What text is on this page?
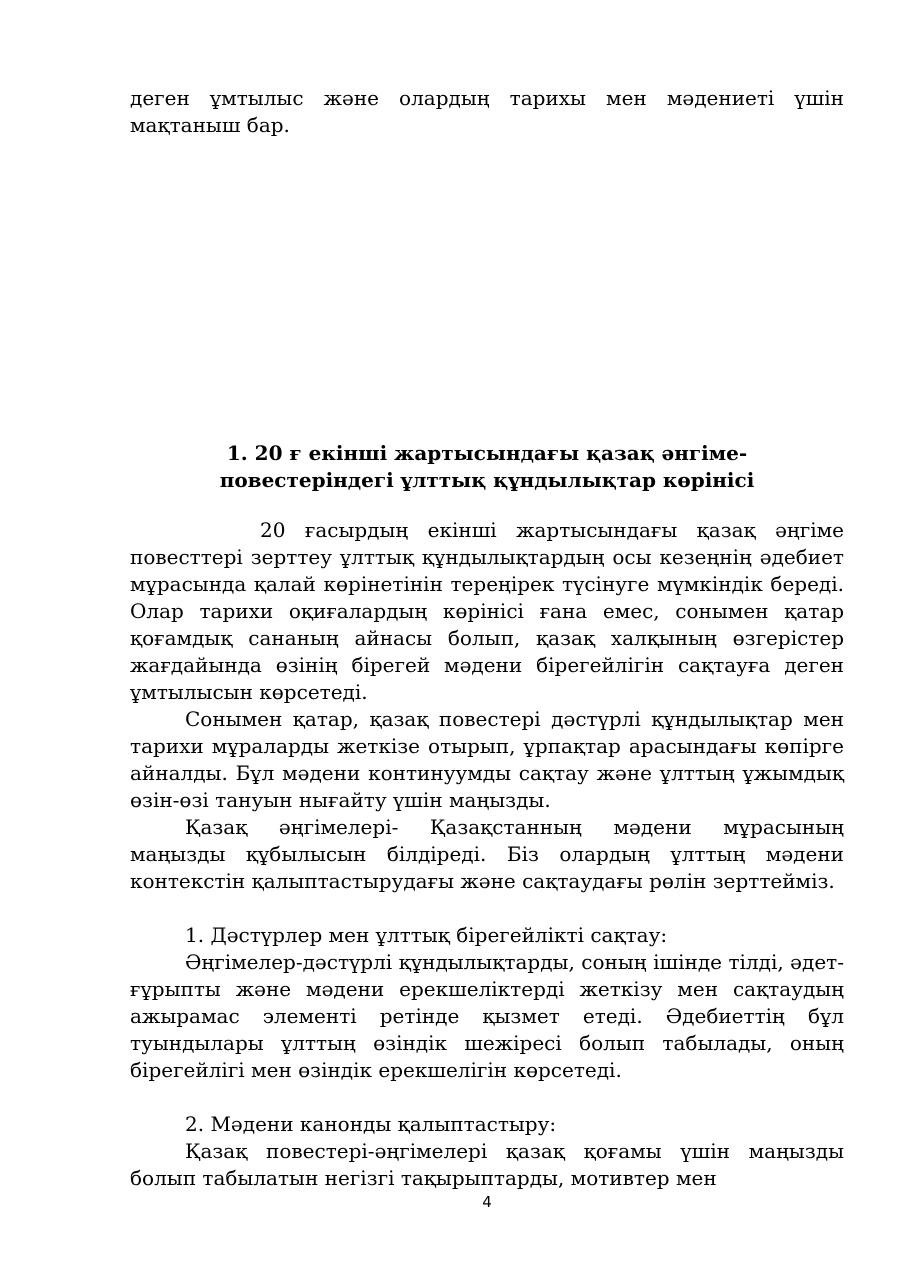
деген ұмтылыс және олардың тарихы мен мәдениеті үшін мақтаныш бар.

1. 20 ғ екінші жартысындағы қазақ әнгіме-
повестеріндегі ұлттық құндылықтар көрінісі

20 ғасырдың екінші жартысындағы қазақ әңгіме повесттері зерттеу ұлттық құндылықтардың осы кезеңнің әдебиет мұрасында қалай көрінетінін тереңірек түсінуге мүмкіндік береді. Олар тарихи оқиғалардың көрінісі ғана емес, сонымен қатар қоғамдық сананың айнасы болып, қазақ халқының өзгерістер жағдайында өзінің бірегей мәдени бірегейлігін сақтауға деген ұмтылысын көрсетеді.

Сонымен қатар, қазақ повестері дәстүрлі құндылықтар мен тарихи мұраларды жеткізе отырып, ұрпақтар арасындағы көпірге айналды. Бұл мәдени континуумды сақтау және ұлттың ұжымдық өзін-өзі тануын нығайту үшін маңызды.

Қазақ әңгімелері- Қазақстанның мәдени мұрасының маңызды құбылысын білдіреді. Біз олардың ұлттың мәдени контекстін қалыптастырудағы және сақтаудағы рөлін зерттейміз.

1. Дәстүрлер мен ұлттық бірегейлікті сақтау:

Әңгімелер-дәстүрлі құндылықтарды, соның ішінде тілді, әдет-ғұрыпты және мәдени ерекшеліктерді жеткізу мен сақтаудың ажырамас элементі ретінде қызмет етеді. Әдебиеттің бұл туындылары ұлттың өзіндік шежіресі болып табылады, оның бірегейлігі мен өзіндік ерекшелігін көрсетеді.

2. Мәдени канонды қалыптастыру:

Қазақ повестері-әңгімелері қазақ қоғамы үшін маңызды болып табылатын негізгі тақырыптарды, мотивтер мен

4
